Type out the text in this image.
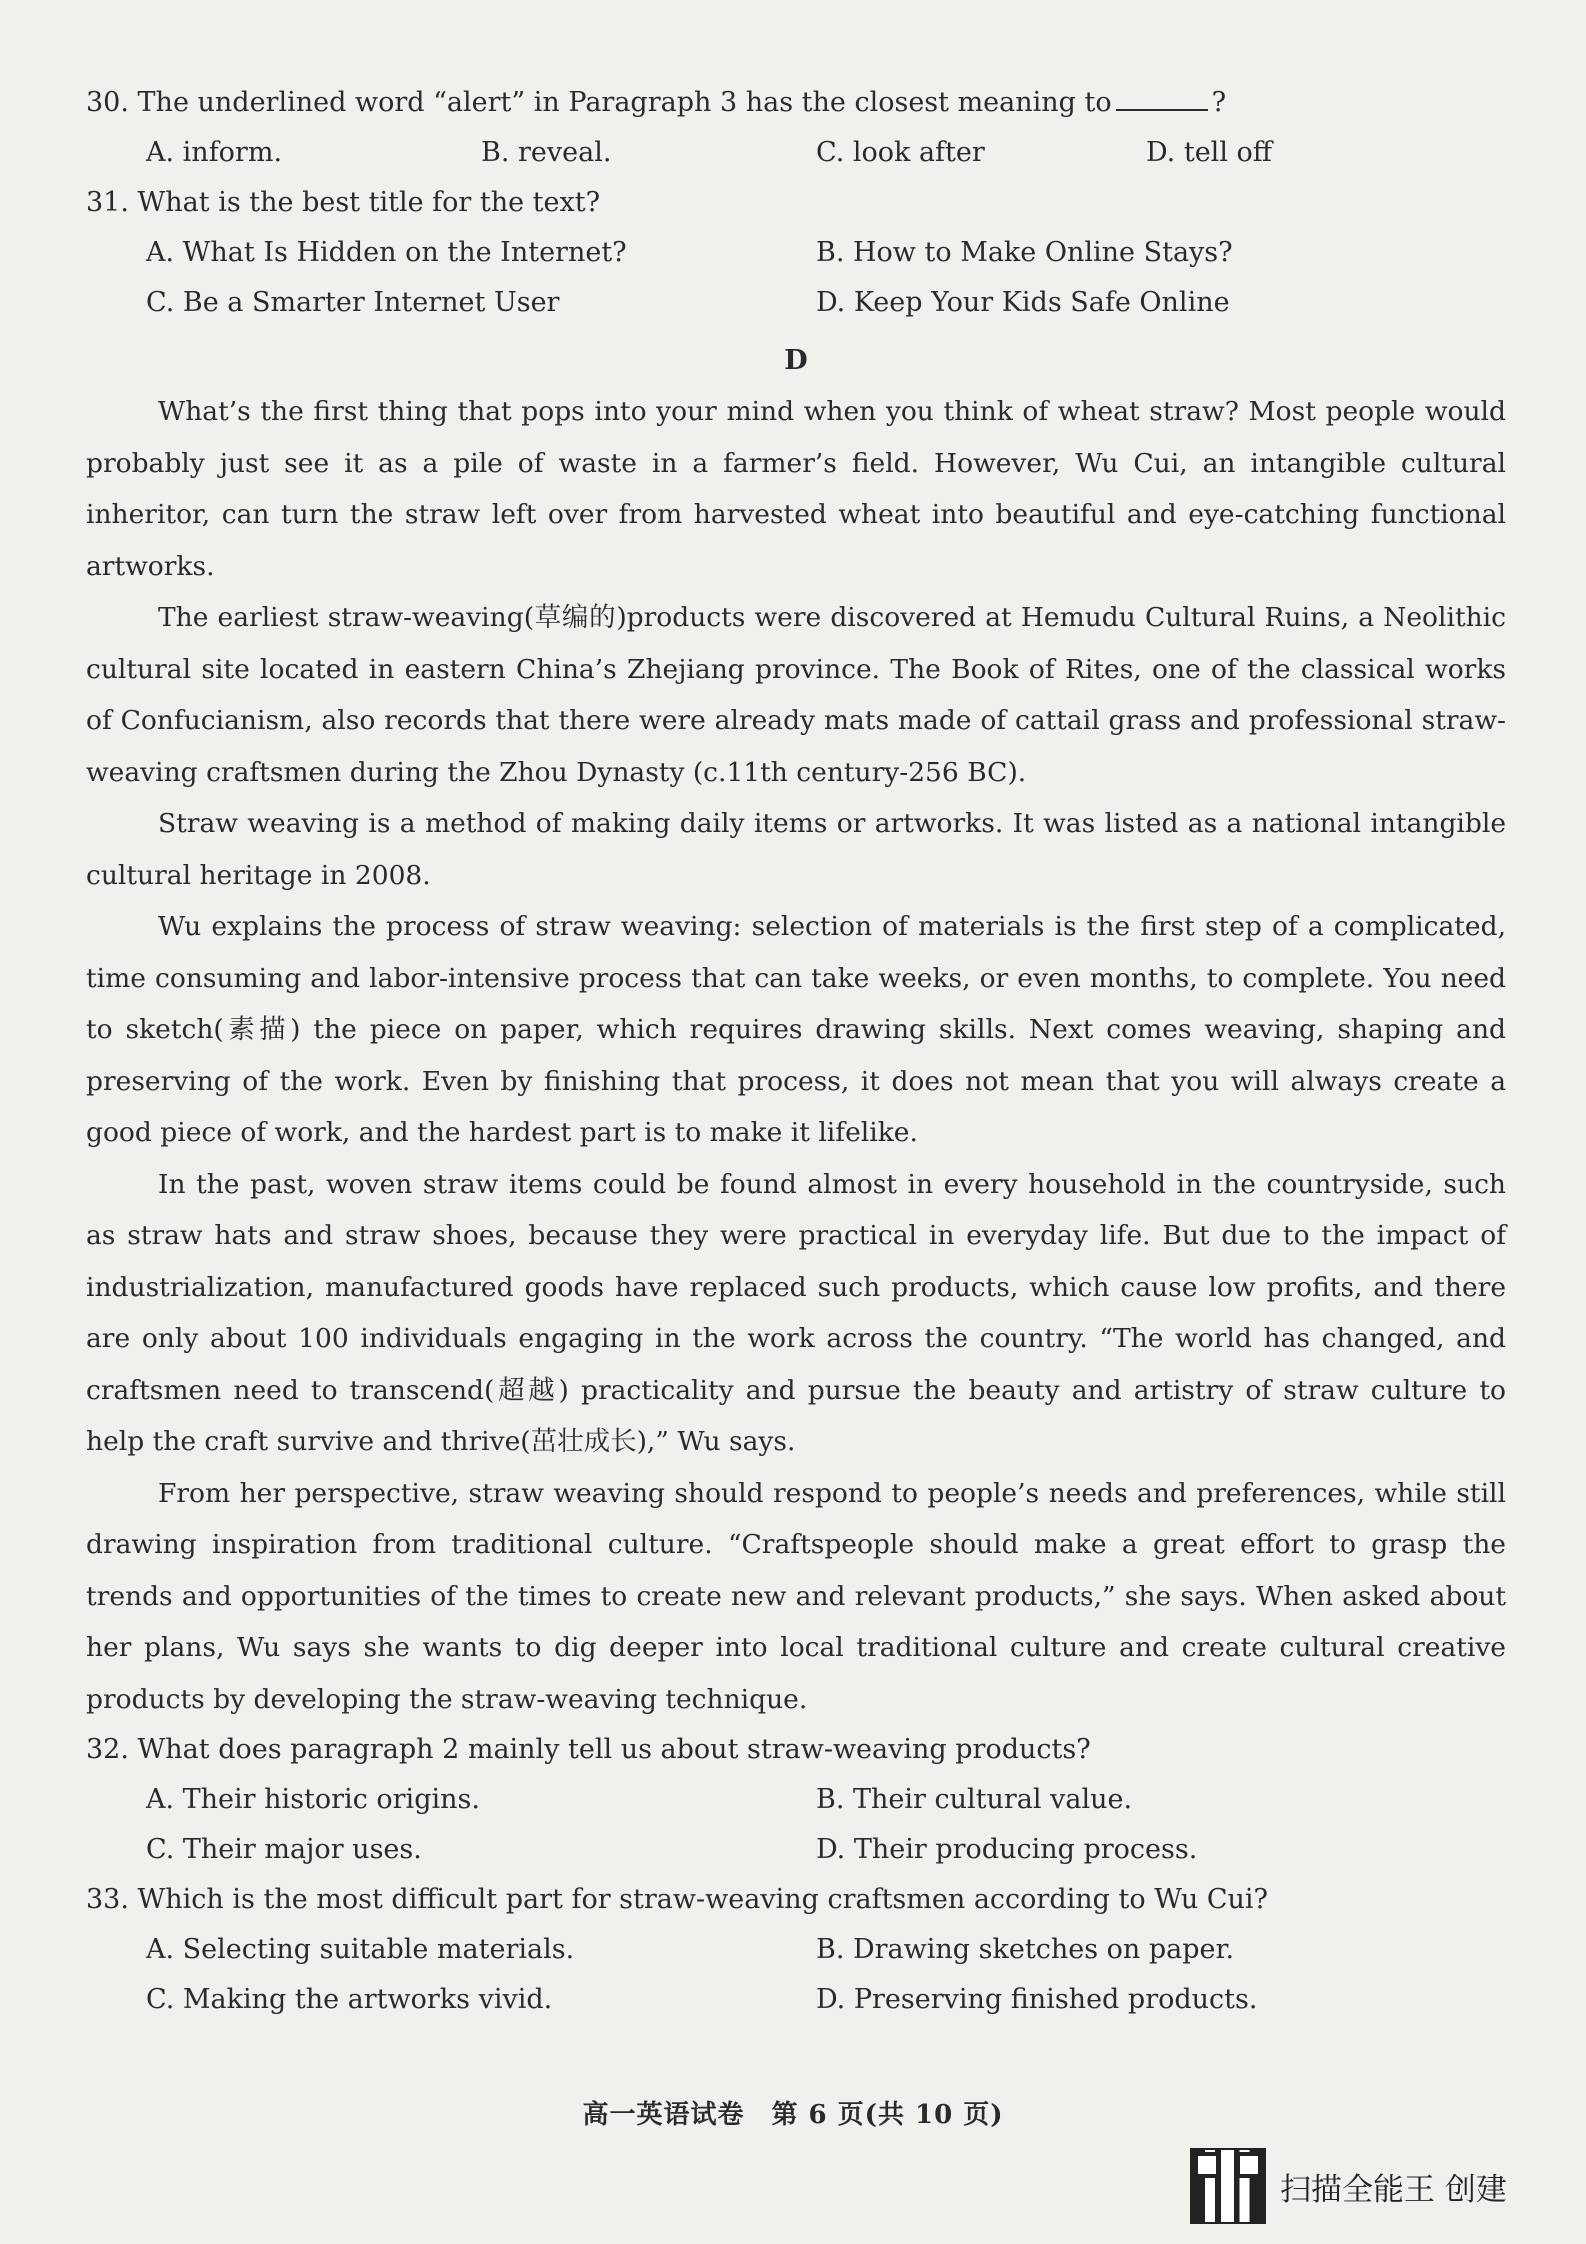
30. The underlined word “alert” in Paragraph 3 has the closest meaning to	?

A. inform.	B. reveal.	C. look after	D. tell off

31. What is the best title for the text?

A. What Is Hidden on the Internet?	B. How to Make Online Stays?
C. Be a Smarter Internet User	D. Keep Your Kids Safe Online

D

What’s the first thing that pops into your mind when you think of wheat straw? Most people would probably just see it as a pile of waste in a farmer’s field. However, Wu Cui, an intangible cultural inheritor, can turn the straw left over from harvested wheat into beautiful and eye-catching functional artworks.

The earliest straw-weaving(草编的)products were discovered at Hemudu Cultural Ruins, a Neolithic cultural site located in eastern China’s Zhejiang province. The Book of Rites, one of the classical works of Confucianism, also records that there were already mats made of cattail grass and professional straw-weaving craftsmen during the Zhou Dynasty (c.11th century-256 BC).

Straw weaving is a method of making daily items or artworks. It was listed as a national intangible cultural heritage in 2008.

Wu explains the process of straw weaving: selection of materials is the first step of a complicated, time consuming and labor-intensive process that can take weeks, or even months, to complete. You need to sketch(素描) the piece on paper, which requires drawing skills. Next comes weaving, shaping and preserving of the work. Even by finishing that process, it does not mean that you will always create a good piece of work, and the hardest part is to make it lifelike.

In the past, woven straw items could be found almost in every household in the countryside, such as straw hats and straw shoes, because they were practical in everyday life. But due to the impact of industrialization, manufactured goods have replaced such products, which cause low profits, and there are only about 100 individuals engaging in the work across the country. “The world has changed, and craftsmen need to transcend(超越) practicality and pursue the beauty and artistry of straw culture to help the craft survive and thrive(茁壮成长),” Wu says.

From her perspective, straw weaving should respond to people’s needs and preferences, while still drawing inspiration from traditional culture. “Craftspeople should make a great effort to grasp the trends and opportunities of the times to create new and relevant products,” she says. When asked about her plans, Wu says she wants to dig deeper into local traditional culture and create cultural creative products by developing the straw-weaving technique.

32. What does paragraph 2 mainly tell us about straw-weaving products?

A. Their historic origins.	B. Their cultural value.
C. Their major uses.	D. Their producing process.

33. Which is the most difficult part for straw-weaving craftsmen according to Wu Cui?

A. Selecting suitable materials.	B. Drawing sketches on paper.
C. Making the artworks vivid.	D. Preserving finished products.
高一英语试卷　第 6 页(共 10 页)
扫描全能王 创建
